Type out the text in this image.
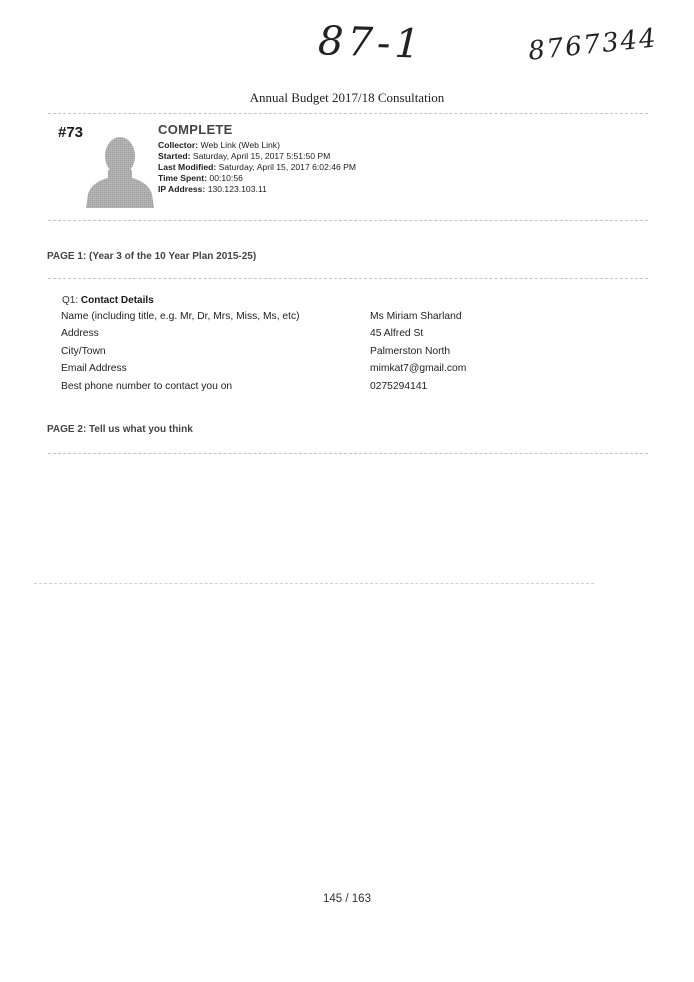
87-1	8767344
Annual Budget 2017/18 Consultation
#73	COMPLETE
Collector: Web Link (Web Link)
Started: Saturday, April 15, 2017 5:51:50 PM
Last Modified: Saturday, April 15, 2017 6:02:46 PM
Time Spent: 00:10:56
IP Address: 130.123.103.11
PAGE 1: (Year 3 of the 10 Year Plan 2015-25)
Q1: Contact Details
Name (including title, e.g. Mr, Dr, Mrs, Miss, Ms, etc)	Ms Miriam Sharland
Address	45 Alfred St
City/Town	Palmerston North
Email Address	mimkat7@gmail.com
Best phone number to contact you on	0275294141
PAGE 2: Tell us what you think
145 / 163
